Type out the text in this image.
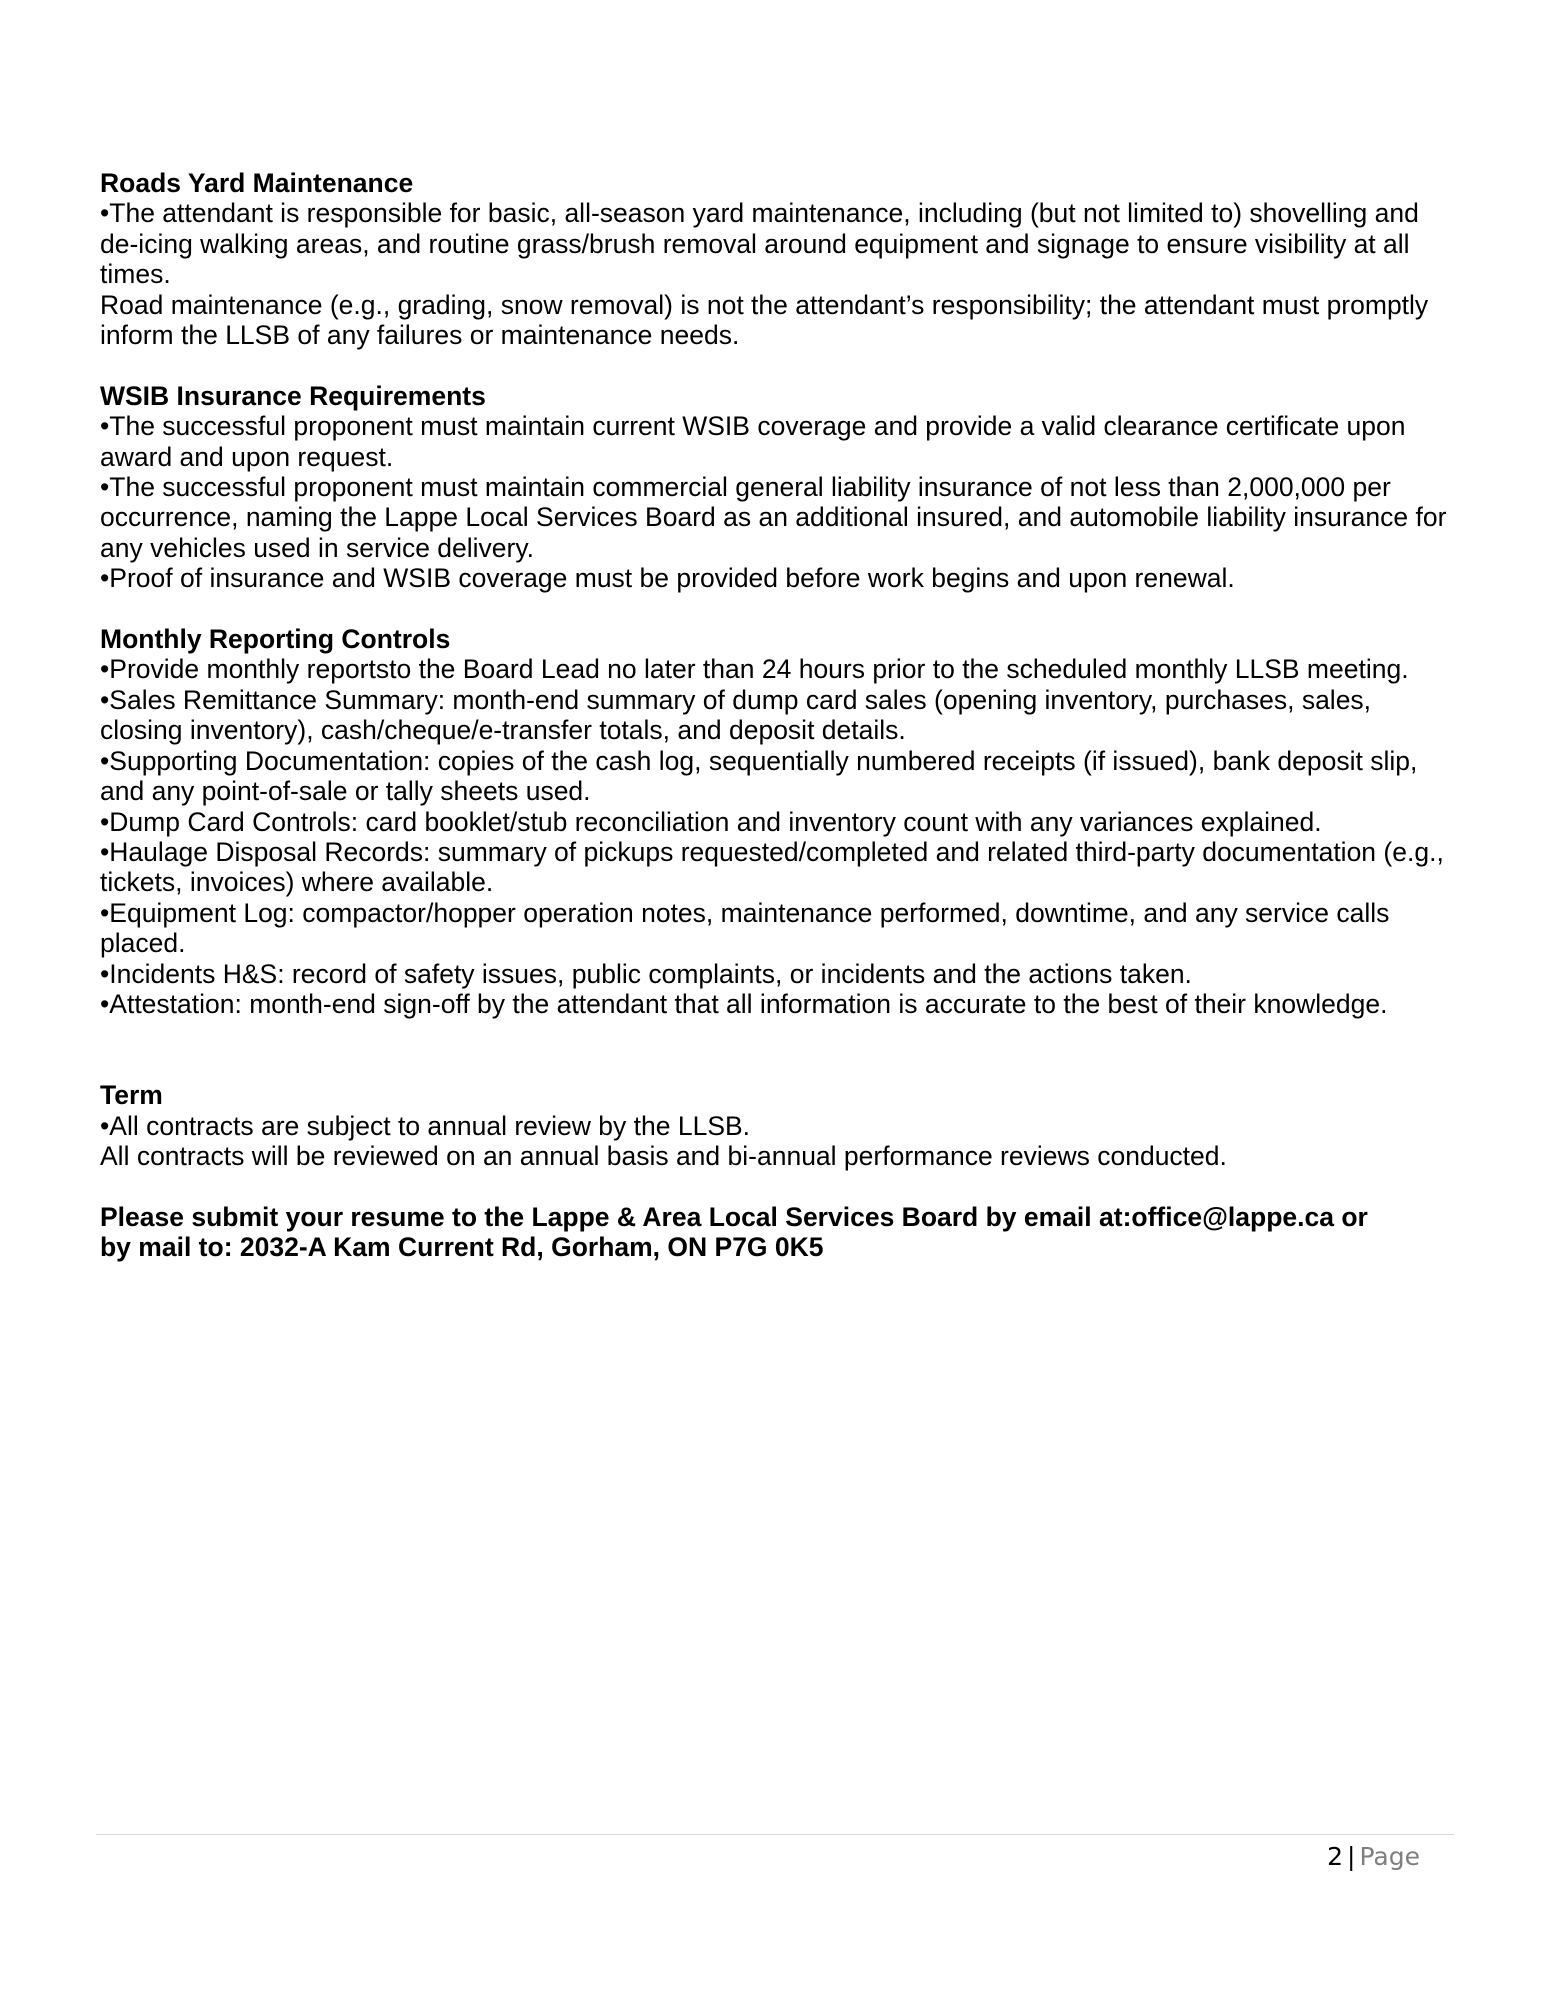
Roads Yard Maintenance

•The attendant is responsible for basic, all-season yard maintenance, including (but not limited to) shovelling and de-icing walking areas, and routine grass/brush removal around equipment and signage to ensure visibility at all times.

Road maintenance (e.g., grading, snow removal) is not the attendant’s responsibility; the attendant must promptly inform the LLSB of any failures or maintenance needs.

WSIB Insurance Requirements

•The successful proponent must maintain current WSIB coverage and provide a valid clearance certificate upon award and upon request.

•The successful proponent must maintain commercial general liability insurance of not less than 2,000,000 per occurrence, naming the Lappe Local Services Board as an additional insured, and automobile liability insurance for any vehicles used in service delivery.

•Proof of insurance and WSIB coverage must be provided before work begins and upon renewal.

Monthly Reporting Controls

•Provide monthly reportsto the Board Lead no later than 24 hours prior to the scheduled monthly LLSB meeting.

•Sales Remittance Summary: month-end summary of dump card sales (opening inventory, purchases, sales, closing inventory), cash/cheque/e-transfer totals, and deposit details.

•Supporting Documentation: copies of the cash log, sequentially numbered receipts (if issued), bank deposit slip, and any point-of-sale or tally sheets used.

•Dump Card Controls: card booklet/stub reconciliation and inventory count with any variances explained.

•Haulage Disposal Records: summary of pickups requested/completed and related third-party documentation (e.g., tickets, invoices) where available.

•Equipment Log: compactor/hopper operation notes, maintenance performed, downtime, and any service calls placed.

•Incidents H&S: record of safety issues, public complaints, or incidents and the actions taken.

•Attestation: month-end sign-off by the attendant that all information is accurate to the best of their knowledge.

Term

•All contracts are subject to annual review by the LLSB.

All contracts will be reviewed on an annual basis and bi-annual performance reviews conducted.

Please submit your resume to the Lappe & Area Local Services Board by email at:office@lappe.ca or

by mail to: 2032-A Kam Current Rd, Gorham, ON P7G 0K5

2 | Page
